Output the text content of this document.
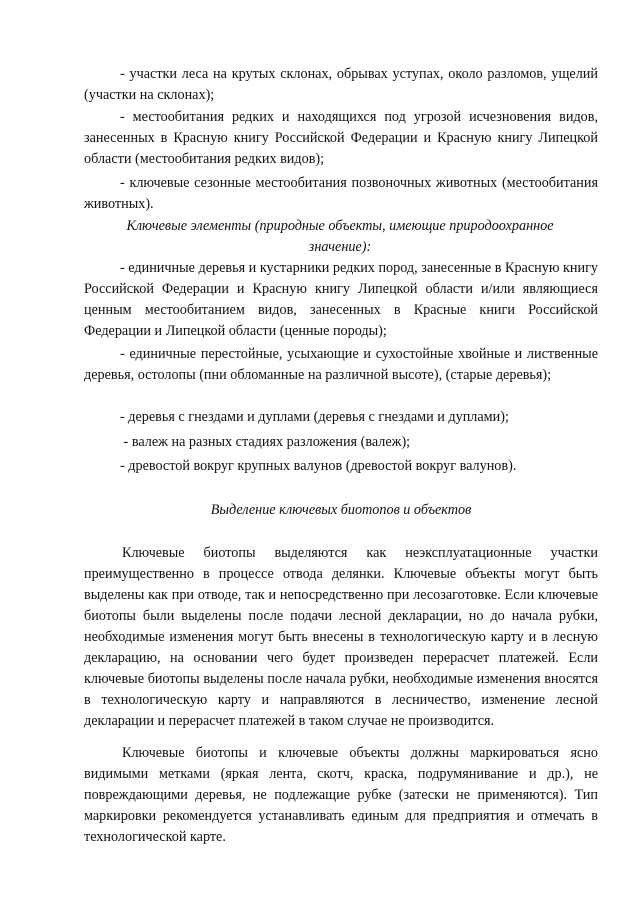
- участки леса на крутых склонах, обрывах уступах, около разломов, ущелий (участки на склонах);

- местообитания редких и находящихся под угрозой исчезновения видов, занесенных в Красную книгу Российской Федерации и Красную книгу Липецкой области (местообитания редких видов);

- ключевые сезонные местообитания позвоночных животных (местообитания животных).

Ключевые элементы (природные объекты, имеющие природоохранное значение):

- единичные деревья и кустарники редких пород, занесенные в Красную книгу Российской Федерации и Красную книгу Липецкой области и/или являющиеся ценным местообитанием видов, занесенных в Красные книги Российской Федерации и Липецкой области (ценные породы);

- единичные перестойные, усыхающие и сухостойные хвойные и лиственные деревья, остолопы (пни обломанные на различной высоте), (старые деревья);

- деревья с гнездами и дуплами (деревья с гнездами и дуплами);

- валеж на разных стадиях разложения (валеж);

- древостой вокруг крупных валунов (древостой вокруг валунов).

Выделение ключевых биотопов и объектов

Ключевые биотопы выделяются как неэксплуатационные участки преимущественно в процессе отвода делянки. Ключевые объекты могут быть выделены как при отводе, так и непосредственно при лесозаготовке. Если ключевые биотопы были выделены после подачи лесной декларации, но до начала рубки, необходимые изменения могут быть внесены в технологическую карту и в лесную декларацию, на основании чего будет произведен перерасчет платежей. Если ключевые биотопы выделены после начала рубки, необходимые изменения вносятся в технологическую карту и направляются в лесничество, изменение лесной декларации и перерасчет платежей в таком случае не производится.

Ключевые биотопы и ключевые объекты должны маркироваться ясно видимыми метками (яркая лента, скотч, краска, подрумянивание и др.), не повреждающими деревья, не подлежащие рубке (затески не применяются). Тип маркировки рекомендуется устанавливать единым для предприятия и отмечать в технологической карте.
